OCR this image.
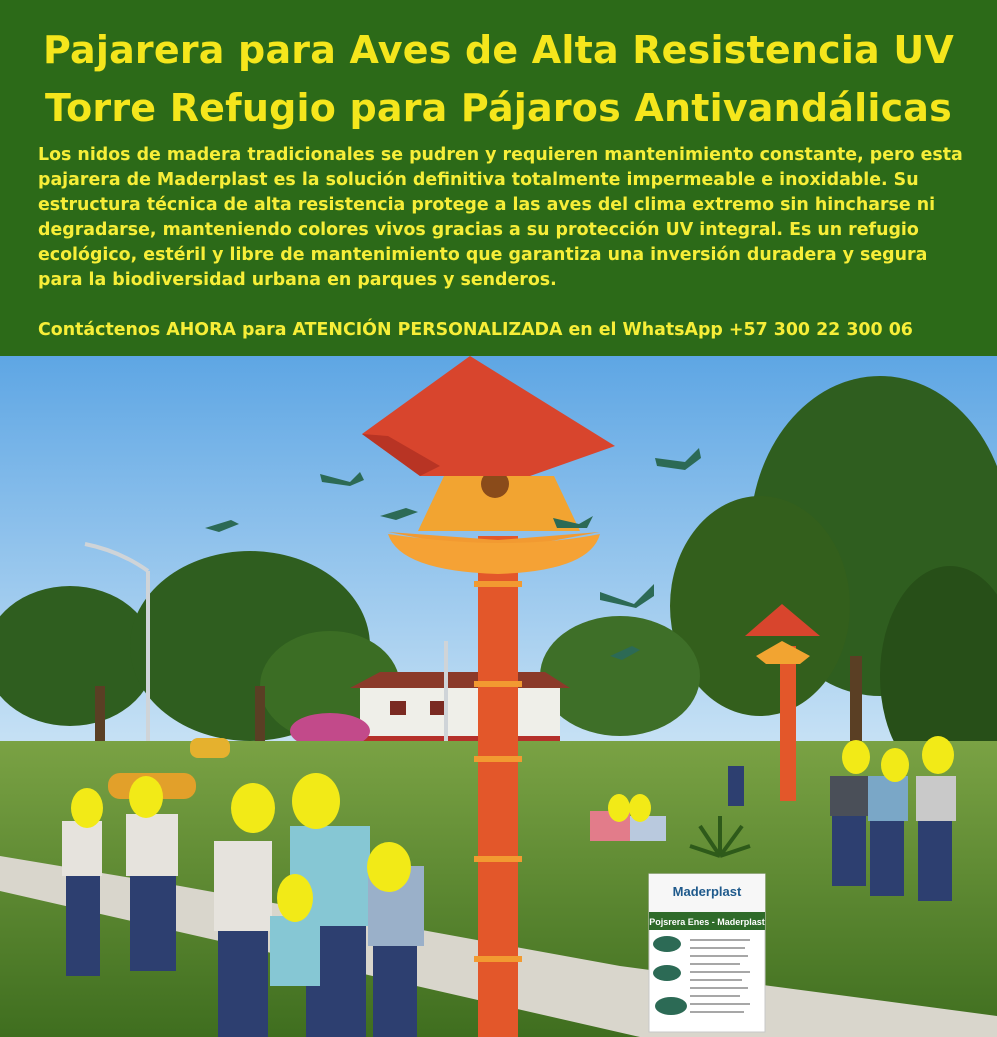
Pajarera para Aves de Alta Resistencia UV
Torre Refugio para Pájaros Antivandálicas
Los nidos de madera tradicionales se pudren y requieren mantenimiento constante, pero esta pajarera de Maderplast es la solución definitiva totalmente impermeable e inoxidable. Su estructura técnica de alta resistencia protege a las aves del clima extremo sin hincharse ni degradarse, manteniendo colores vivos gracias a su protección UV integral. Es un refugio ecológico, estéril y libre de mantenimiento que garantiza una inversión duradera y segura para la biodiversidad urbana en parques y senderos.
Contáctenos AHORA para ATENCIÓN PERSONALIZADA en el WhatsApp +57 300 22 300 06
Maderplast
Pojsrera Enes - Maderplast
